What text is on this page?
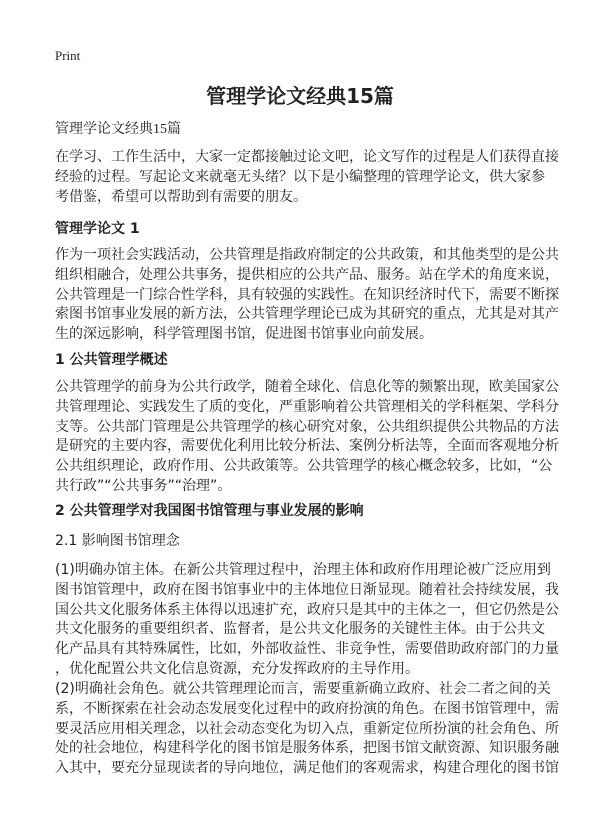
Print
管理学论文经典15篇
管理学论文经典15篇
在学习、工作生活中，大家一定都接触过论文吧，论文写作的过程是人们获得直接
经验的过程。写起论文来就毫无头绪？以下是小编整理的管理学论文，供大家参
考借鉴，希望可以帮助到有需要的朋友。
管理学论文 1
作为一项社会实践活动，公共管理是指政府制定的公共政策，和其他类型的是公共
组织相融合，处理公共事务，提供相应的公共产品、服务。站在学术的角度来说，
公共管理是一门综合性学科，具有较强的实践性。在知识经济时代下，需要不断探
索图书馆事业发展的新方法，公共管理学理论已成为其研究的重点，尤其是对其产
生的深远影响，科学管理图书馆，促进图书馆事业向前发展。
1 公共管理学概述
公共管理学的前身为公共行政学，随着全球化、信息化等的频繁出现，欧美国家公
共管理理论、实践发生了质的变化，严重影响着公共管理相关的学科框架、学科分
支等。公共部门管理是公共管理学的核心研究对象，公共组织提供公共物品的方法
是研究的主要内容，需要优化利用比较分析法、案例分析法等，全面而客观地分析
公共组织理论，政府作用、公共政策等。公共管理学的核心概念较多，比如，“公
共行政”“公共事务”“治理”。
2 公共管理学对我国图书馆管理与事业发展的影响
2.1 影响图书馆理念
(1)明确办馆主体。在新公共管理过程中，治理主体和政府作用理论被广泛应用到
图书馆管理中，政府在图书馆事业中的主体地位日渐显现。随着社会持续发展，我
国公共文化服务体系主体得以迅速扩充，政府只是其中的主体之一，但它仍然是公
共文化服务的重要组织者、监督者，是公共文化服务的关键性主体。由于公共文
化产品具有其特殊属性，比如，外部收益性、非竞争性，需要借助政府部门的力量
，优化配置公共文化信息资源，充分发挥政府的主导作用。
(2)明确社会角色。就公共管理理论而言，需要重新确立政府、社会二者之间的关
系，不断探索在社会动态发展变化过程中的政府扮演的角色。在图书馆管理中，需
要灵活应用相关理念，以社会动态变化为切入点，重新定位所扮演的社会角色、所
处的社会地位，构建科学化的图书馆是服务体系，把图书馆文献资源、知识服务融
入其中，要充分显现读者的导向地位，满足他们的客观需求，构建合理化的图书馆
